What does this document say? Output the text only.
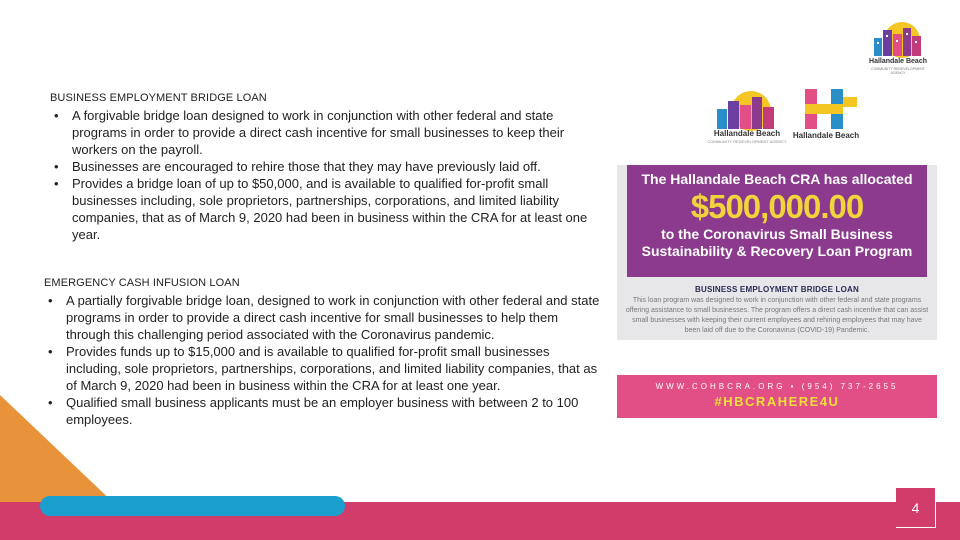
4
Hallandale Beach
COMMUNITY REDEVELOPMENT AGENCY
BUSINESS EMPLOYMENT BRIDGE LOAN
• A forgivable bridge loan designed to work in conjunction with other federal and state programs in order to provide a direct cash incentive for small businesses to keep their workers on the payroll.
• Businesses are encouraged to rehire those that they may have previously laid off.
• Provides a bridge loan of up to $50,000, and is available to qualified for-profit small businesses including, sole proprietors, partnerships, corporations, and limited liability companies, that as of March 9, 2020 had been in business within the CRA for at least one year.
EMERGENCY CASH INFUSION LOAN
• A partially forgivable bridge loan, designed to work in conjunction with other federal and state programs in order to provide a direct cash incentive for small businesses to help them through this challenging period associated with the Coronavirus pandemic.
• Provides funds up to $15,000 and is available to qualified for-profit small businesses including, sole proprietors, partnerships, corporations, and limited liability companies, that as of March 9, 2020 had been in business within the CRA for at least one year.
• Qualified small business applicants must be an employer business with between 2 to 100 employees.
Hallandale Beach
COMMUNITY REDEVELOPMENT AGENCY
Hallandale Beach
The Hallandale Beach CRA has allocated
$500,000.00
to the Coronavirus Small Business Sustainability & Recovery Loan Program
BUSINESS EMPLOYMENT BRIDGE LOAN
This loan program was designed to work in conjunction with other federal and state programs offering assistance to small businesses. The program offers a direct cash incentive that can assist small businesses with keeping their current employees and rehiring employees that may have been laid off due to the Coronavirus (COVID-19) Pandemic.
WWW.COHBCRA.ORG • (954) 737-2655
#HBCRAHERE4U
